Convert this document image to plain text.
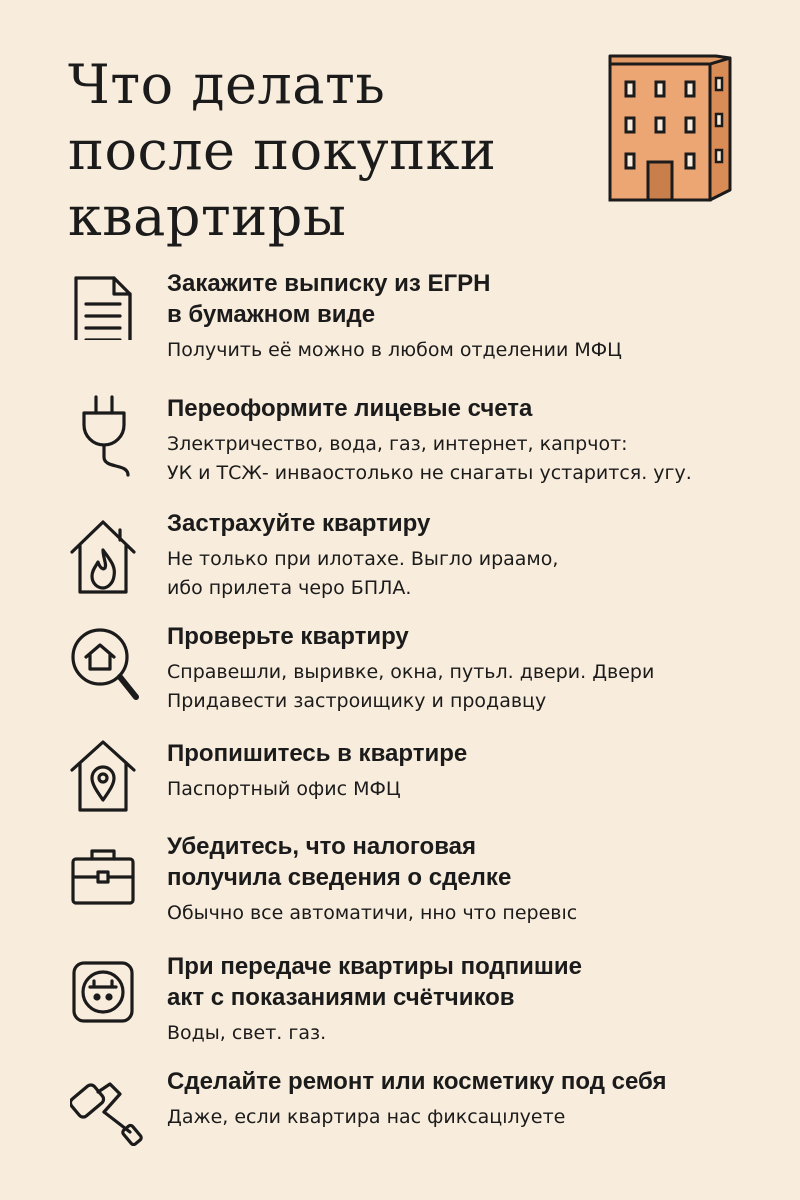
Что делать
после покупки
квартиры
Закажите выписку из ЕГРН
в бумажном виде

Получить её можно в любом отделении МФЦ

Переоформите лицевые счета

Злектричество, вода, газ, интернет, капрчот:
УК и ТСЖ- инваостолько не снагатьı устарится. угу.

Застрахуйте квартиру

Не только при илотахе. Выгло ираамо,
ибо прилета черо БПЛА.

Проверьте квартиру

Справешли, выривке, окна, путьл. двери. Двери
Придавести застроищику и продавцу

Пропишитесь в квартире

Паспортный офис МФЦ

Убедитесь, что налоговая
получила сведения о сделке

Обычно все автоматичи, нно что перевıс

При передаче квартиры подпишие
акт с показаниями счётчиков

Воды, свет. газ.

Сделайте ремонт или косметику под себя

Даже, если квартира нас фиксацıлуете
